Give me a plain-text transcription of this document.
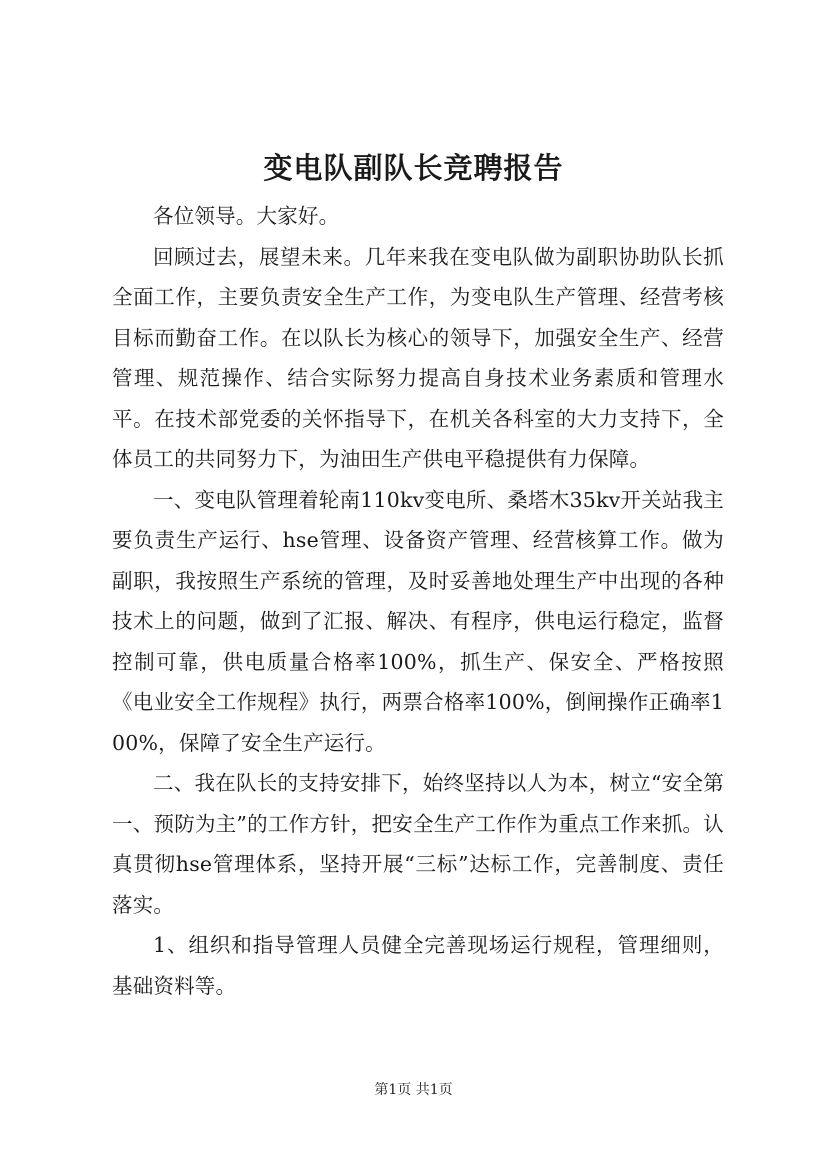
变电队副队长竞聘报告

各位领导。大家好。

回顾过去，展望未来。几年来我在变电队做为副职协助队长抓全面工作，主要负责安全生产工作，为变电队生产管理、经营考核目标而勤奋工作。在以队长为核心的领导下，加强安全生产、经营管理、规范操作、结合实际努力提高自身技术业务素质和管理水平。在技术部党委的关怀指导下，在机关各科室的大力支持下，全体员工的共同努力下，为油田生产供电平稳提供有力保障。

一、变电队管理着轮南110kv变电所、桑塔木35kv开关站我主要负责生产运行、hse管理、设备资产管理、经营核算工作。做为副职，我按照生产系统的管理，及时妥善地处理生产中出现的各种技术上的问题，做到了汇报、解决、有程序，供电运行稳定，监督控制可靠，供电质量合格率100%，抓生产、保安全、严格按照《电业安全工作规程》执行，两票合格率100%，倒闸操作正确率100%，保障了安全生产运行。

二、我在队长的支持安排下，始终坚持以人为本，树立“安全第一、预防为主”的工作方针，把安全生产工作作为重点工作来抓。认真贯彻hse管理体系，坚持开展“三标”达标工作，完善制度、责任落实。

1、组织和指导管理人员健全完善现场运行规程，管理细则，基础资料等。

第1页 共1页
